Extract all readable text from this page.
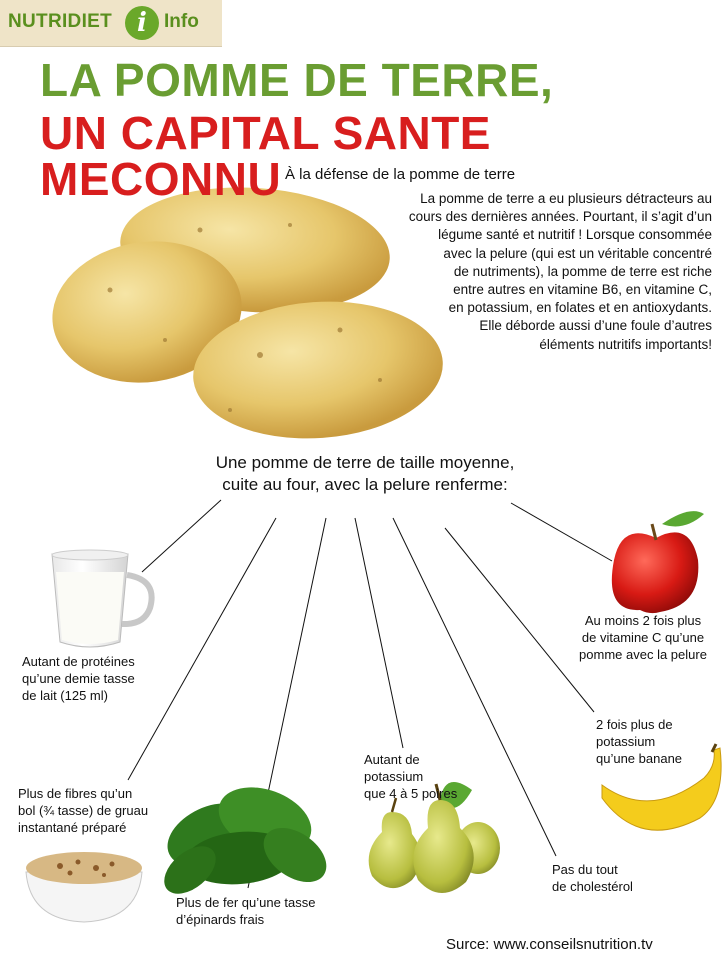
NUTRIDIET i Info
LA POMME DE TERRE,
UN CAPITAL SANTE MECONNU À la défense de la pomme de terre
La pomme de terre a eu plusieurs détracteurs au
cours des dernières années. Pourtant, il s’agit d’un
légume santé et nutritif ! Lorsque consommée
avec la pelure (qui est un véritable concentré
de nutriments), la pomme de terre est riche
entre autres en vitamine B6, en vitamine C,
en potassium, en folates et en antioxydants.
Elle déborde aussi d’une foule d’autres
éléments nutritifs importants!
Une pomme de terre de taille moyenne,
cuite au four, avec la pelure renferme:
Autant de protéines
qu’une demie tasse
de lait (125 ml)
Au moins 2 fois plus
de vitamine C qu’une
pomme avec la pelure
2 fois plus de
potassium
qu’une banane
Autant de
potassium
que 4 à 5 poires
Plus de fibres qu’un
bol (¾ tasse) de gruau
instantané préparé
Plus de fer qu’une tasse
d’épinards frais
Pas du tout
de cholestérol
Surce: www.conseilsnutrition.tv
